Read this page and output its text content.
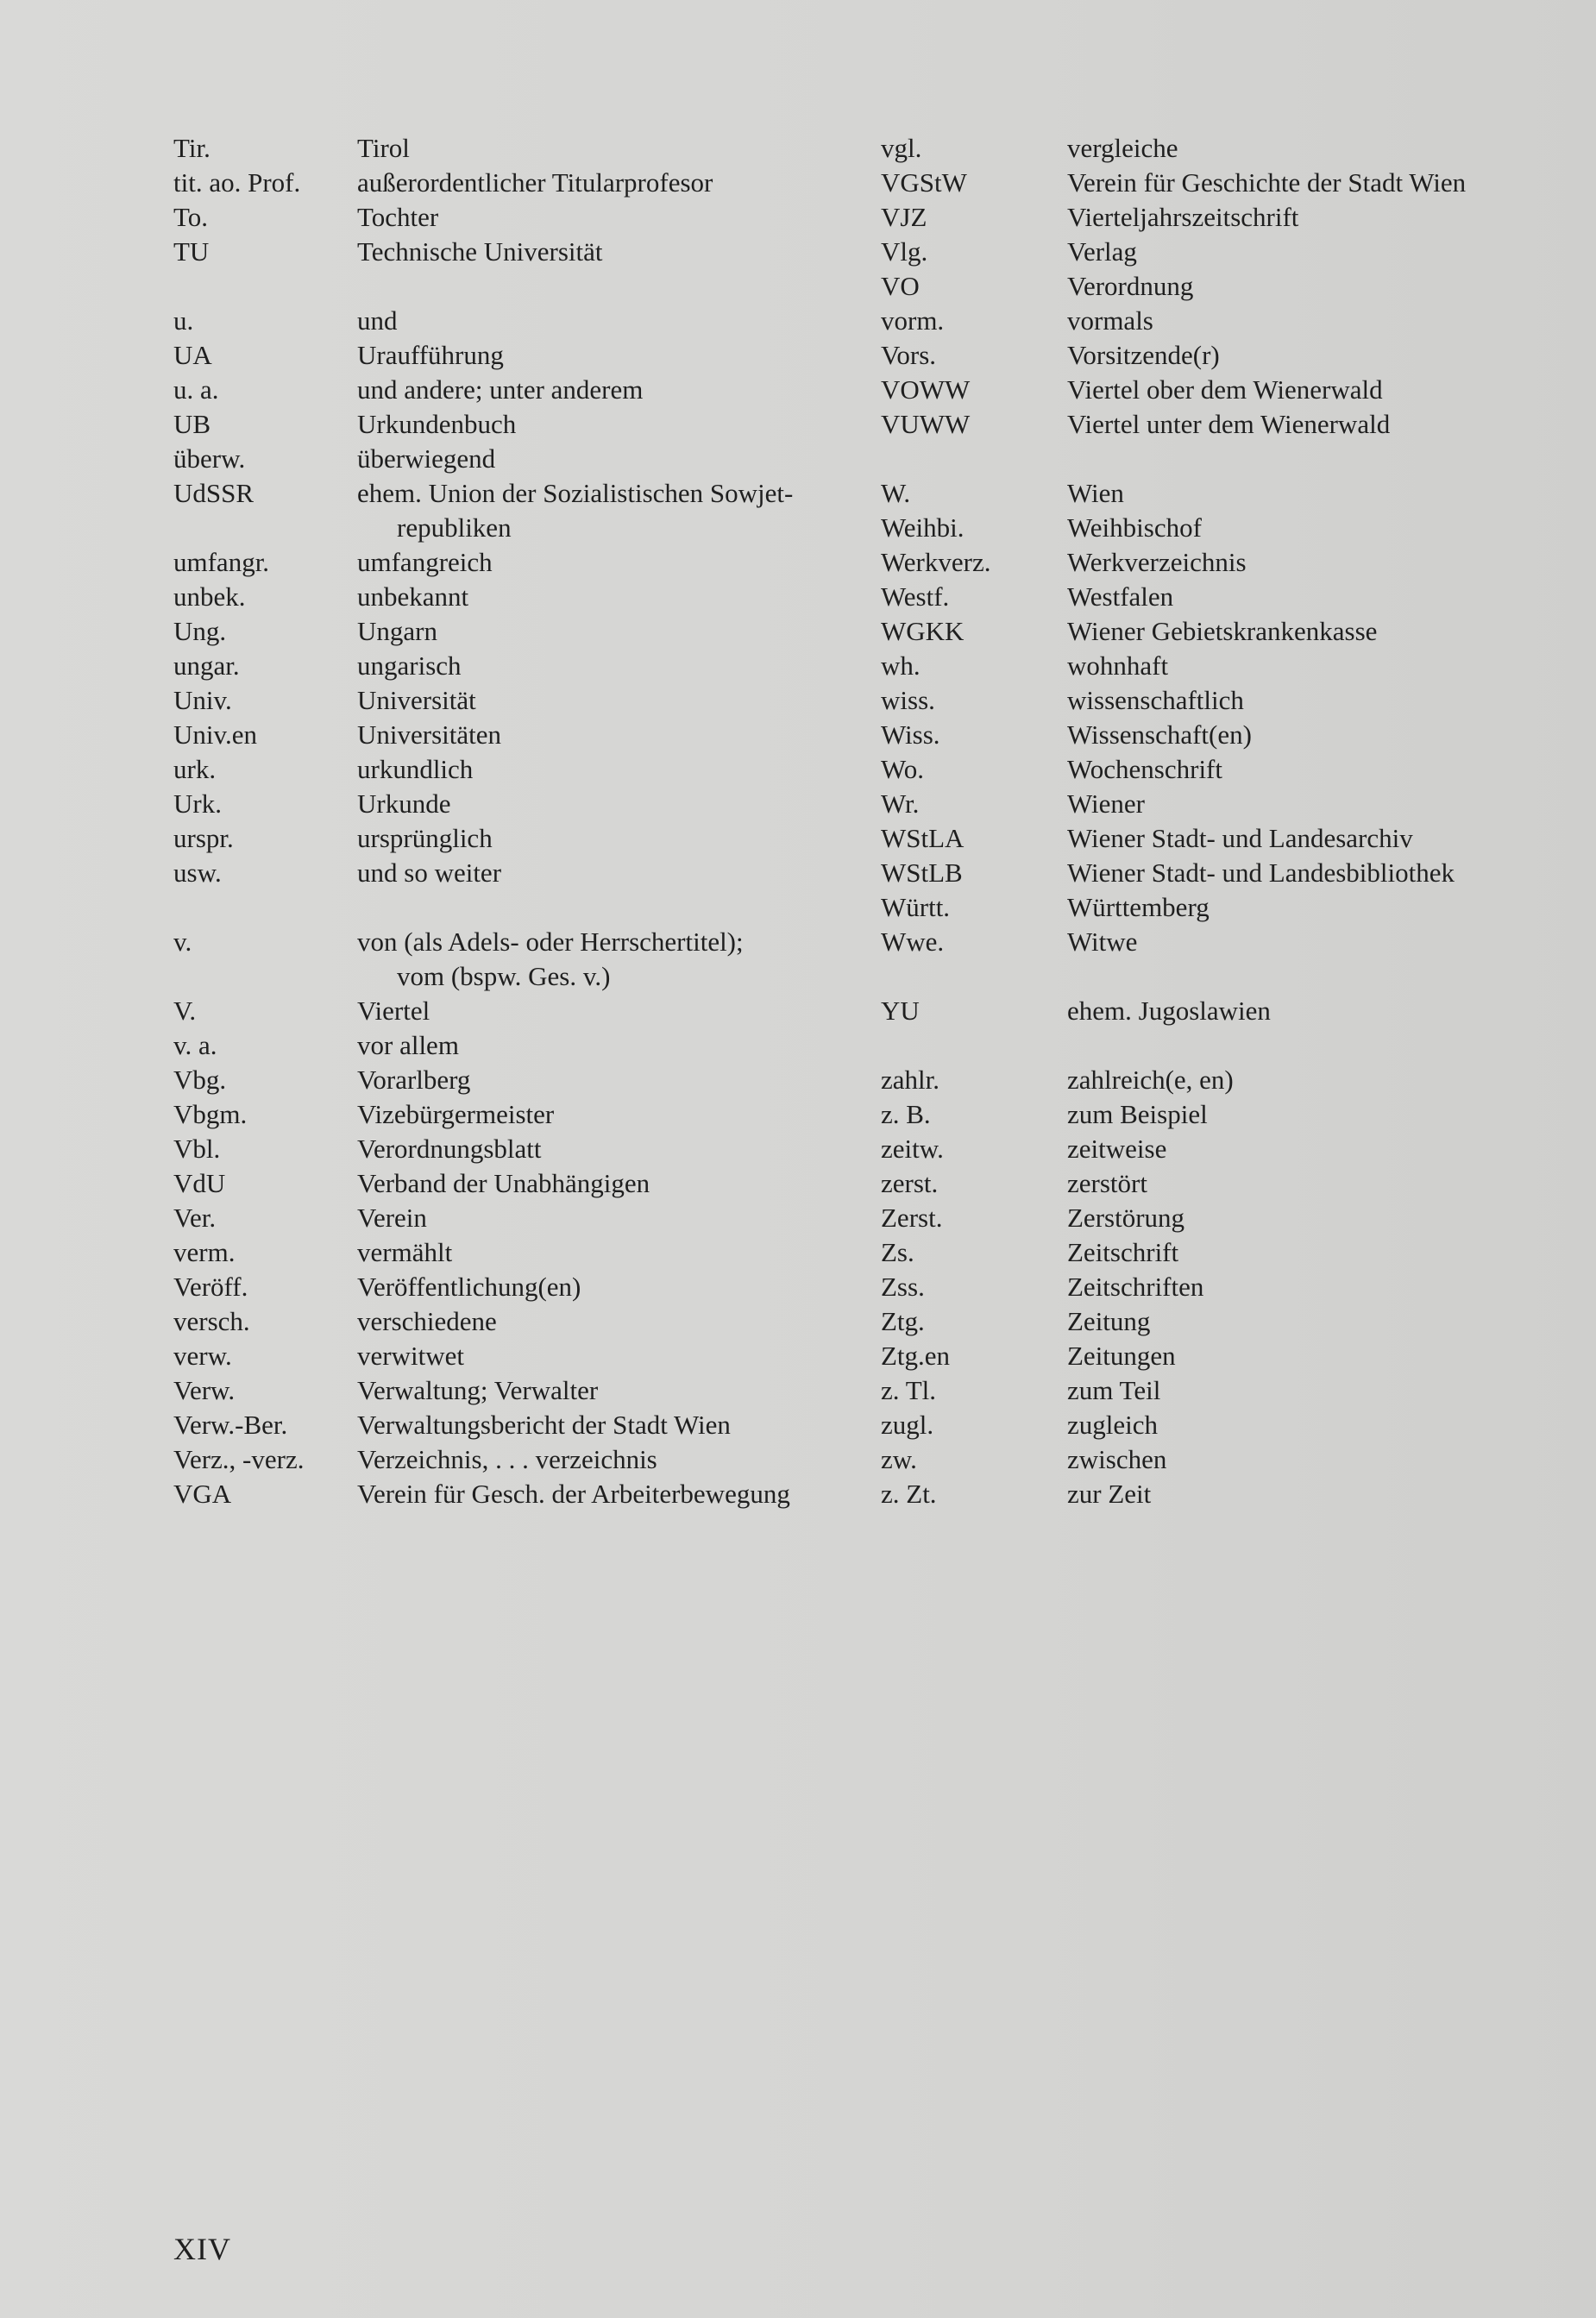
Tir.	Tirol
tit. ao. Prof.	außerordentlicher Titularprofesor
To.	Tochter
TU	Technische Universität
u.	und
UA	Uraufführung
u. a.	und andere; unter anderem
UB	Urkundenbuch
überw.	überwiegend
UdSSR	ehem. Union der Sozialistischen Sowjet-
republiken
umfangr.	umfangreich
unbek.	unbekannt
Ung.	Ungarn
ungar.	ungarisch
Univ.	Universität
Univ.en	Universitäten
urk.	urkundlich
Urk.	Urkunde
urspr.	ursprünglich
usw.	und so weiter
v.	von (als Adels- oder Herrschertitel);
vom (bspw. Ges. v.)
V.	Viertel
v. a.	vor allem
Vbg.	Vorarlberg
Vbgm.	Vizebürgermeister
Vbl.	Verordnungsblatt
VdU	Verband der Unabhängigen
Ver.	Verein
verm.	vermählt
Veröff.	Veröffentlichung(en)
versch.	verschiedene
verw.	verwitwet
Verw.	Verwaltung; Verwalter
Verw.-Ber.	Verwaltungsbericht der Stadt Wien
Verz., -verz.	Verzeichnis, . . . verzeichnis
VGA	Verein für Gesch. der Arbeiterbewegung
vgl.	vergleiche
VGStW	Verein für Geschichte der Stadt Wien
VJZ	Vierteljahrszeitschrift
Vlg.	Verlag
VO	Verordnung
vorm.	vormals
Vors.	Vorsitzende(r)
VOWW	Viertel ober dem Wienerwald
VUWW	Viertel unter dem Wienerwald
W.	Wien
Weihbi.	Weihbischof
Werkverz.	Werkverzeichnis
Westf.	Westfalen
WGKK	Wiener Gebietskrankenkasse
wh.	wohnhaft
wiss.	wissenschaftlich
Wiss.	Wissenschaft(en)
Wo.	Wochenschrift
Wr.	Wiener
WStLA	Wiener Stadt- und Landesarchiv
WStLB	Wiener Stadt- und Landesbibliothek
Württ.	Württemberg
Wwe.	Witwe
YU	ehem. Jugoslawien
zahlr.	zahlreich(e, en)
z. B.	zum Beispiel
zeitw.	zeitweise
zerst.	zerstört
Zerst.	Zerstörung
Zs.	Zeitschrift
Zss.	Zeitschriften
Ztg.	Zeitung
Ztg.en	Zeitungen
z. Tl.	zum Teil
zugl.	zugleich
zw.	zwischen
z. Zt.	zur Zeit
XIV
